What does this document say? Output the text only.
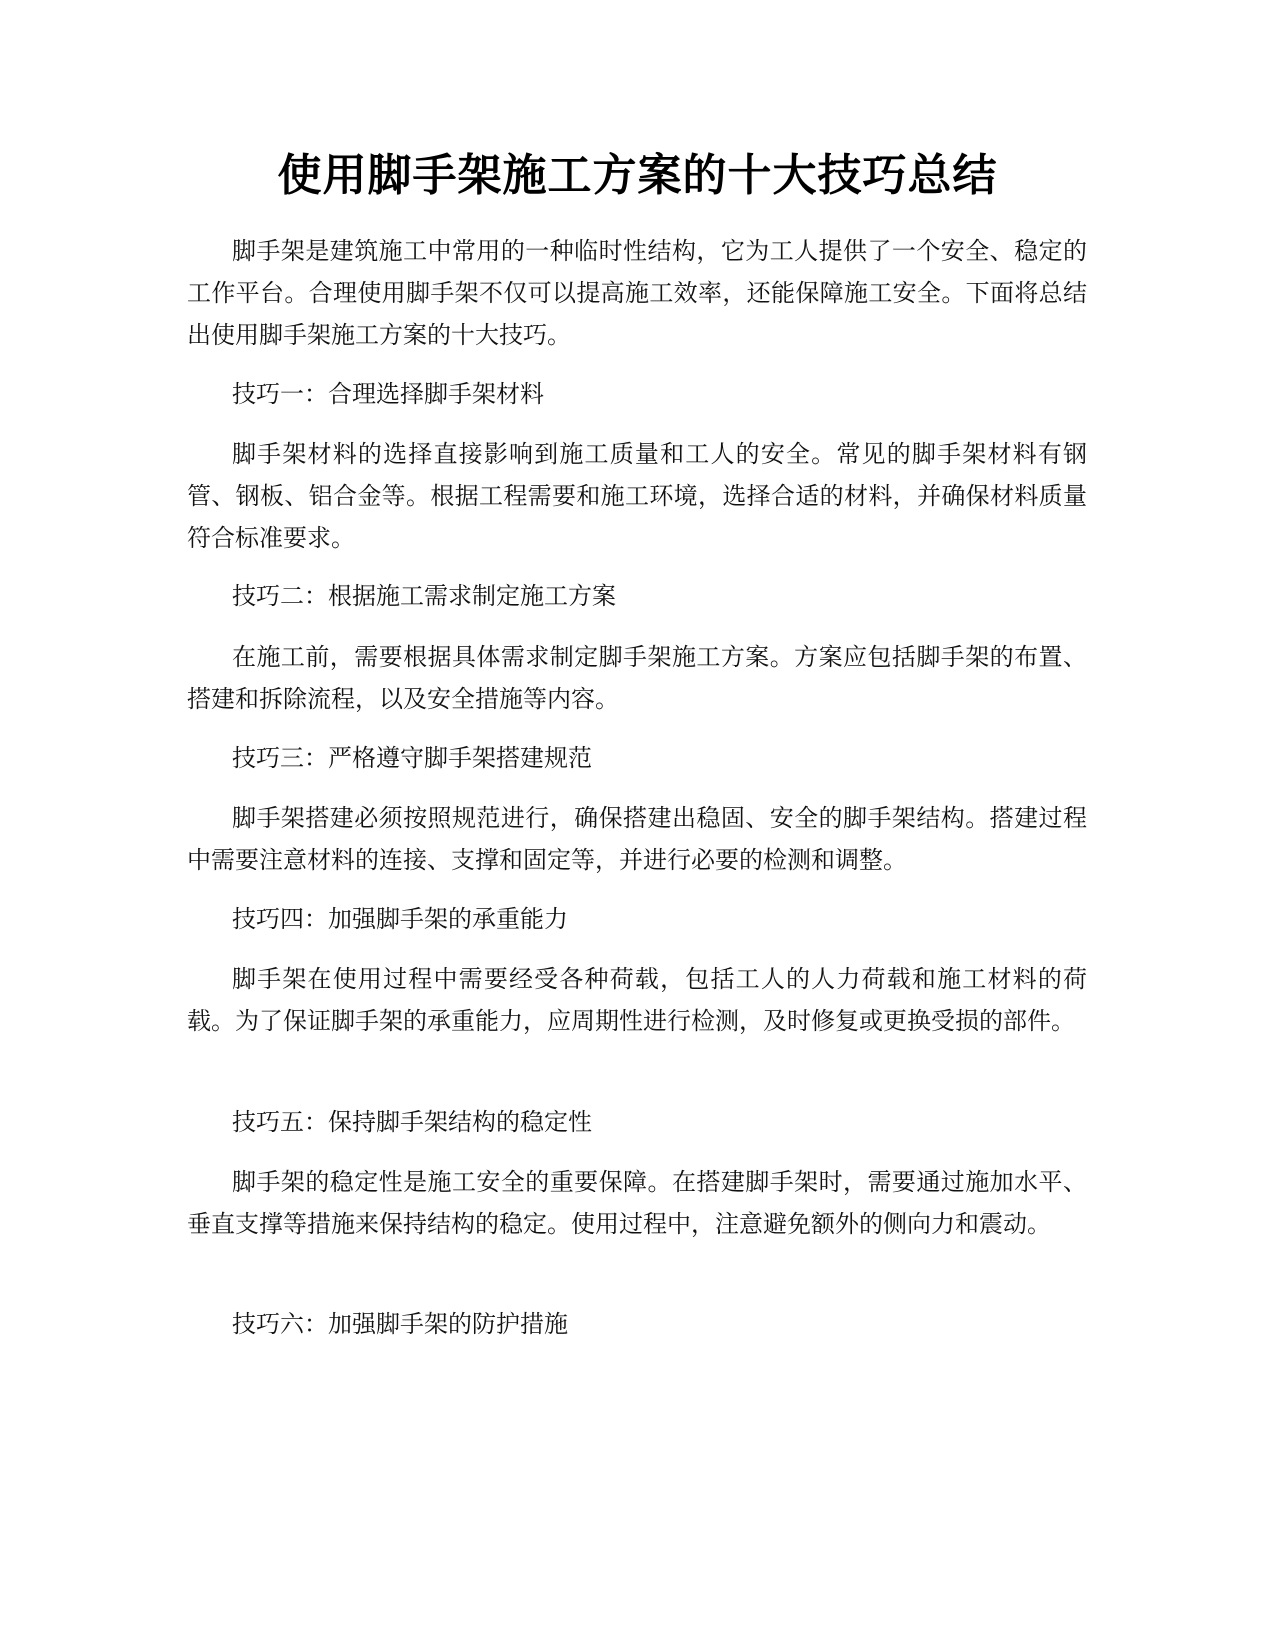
使用脚手架施工方案的十大技巧总结

脚手架是建筑施工中常用的一种临时性结构，它为工人提供了一个安全、稳定的工作平台。合理使用脚手架不仅可以提高施工效率，还能保障施工安全。下面将总结出使用脚手架施工方案的十大技巧。

技巧一：合理选择脚手架材料

脚手架材料的选择直接影响到施工质量和工人的安全。常见的脚手架材料有钢管、钢板、铝合金等。根据工程需要和施工环境，选择合适的材料，并确保材料质量符合标准要求。

技巧二：根据施工需求制定施工方案

在施工前，需要根据具体需求制定脚手架施工方案。方案应包括脚手架的布置、搭建和拆除流程，以及安全措施等内容。

技巧三：严格遵守脚手架搭建规范

脚手架搭建必须按照规范进行，确保搭建出稳固、安全的脚手架结构。搭建过程中需要注意材料的连接、支撑和固定等，并进行必要的检测和调整。

技巧四：加强脚手架的承重能力

脚手架在使用过程中需要经受各种荷载，包括工人的人力荷载和施工材料的荷载。为了保证脚手架的承重能力，应周期性进行检测，及时修复或更换受损的部件。

技巧五：保持脚手架结构的稳定性

脚手架的稳定性是施工安全的重要保障。在搭建脚手架时，需要通过施加水平、垂直支撑等措施来保持结构的稳定。使用过程中，注意避免额外的侧向力和震动。

技巧六：加强脚手架的防护措施
